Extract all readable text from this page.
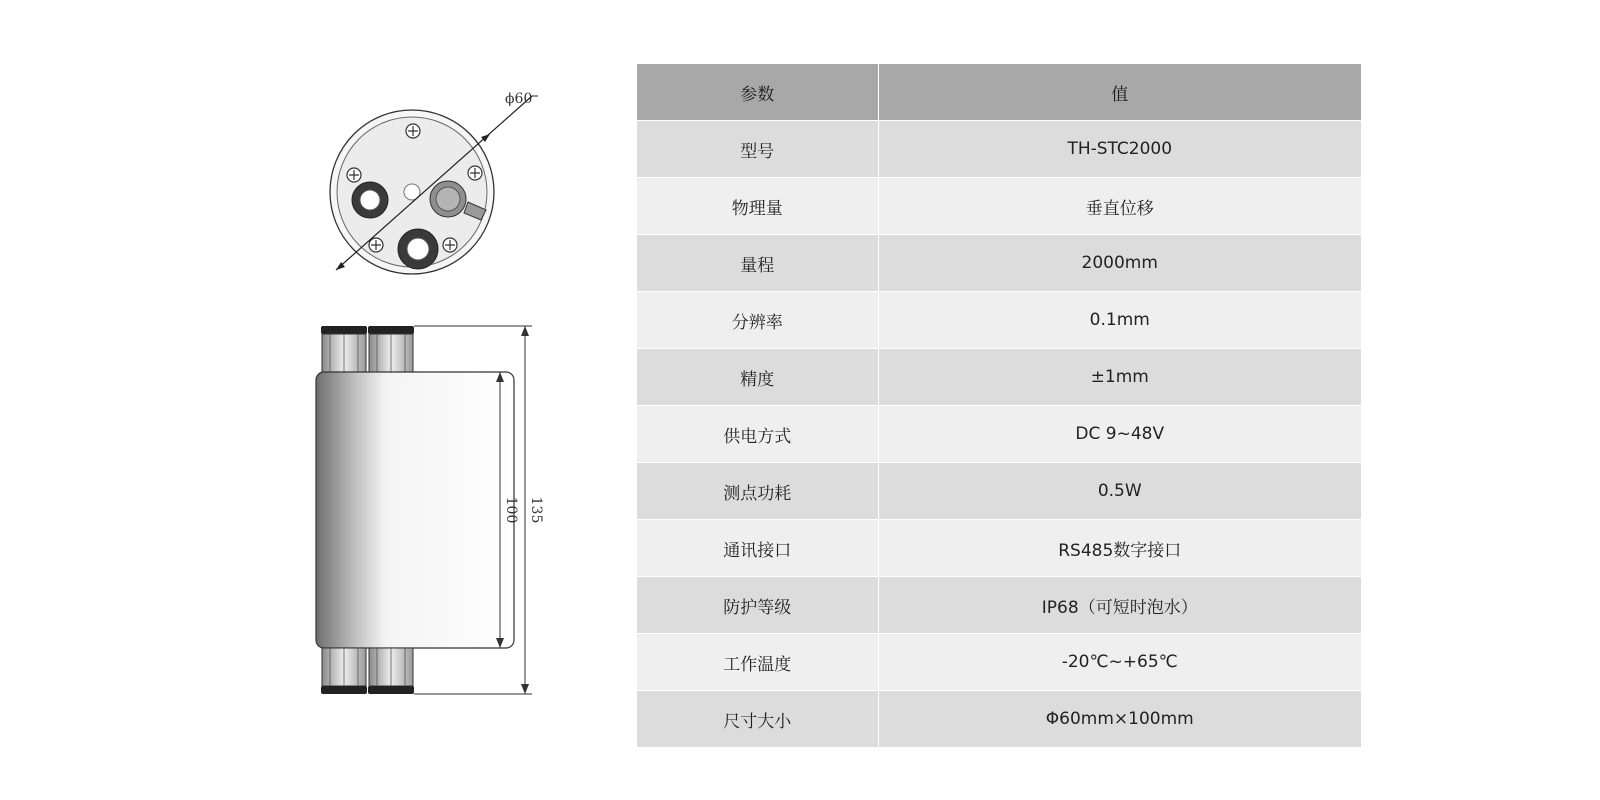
ϕ60
135
100
参数	值
型号	TH-STC2000
物理量	垂直位移
量程	2000mm
分辨率	0.1mm
精度	±1mm
供电方式	DC 9~48V
测点功耗	0.5W
通讯接口	RS485数字接口
防护等级	IP68（可短时泡水）
工作温度	-20℃~+65℃
尺寸大小	Φ60mm×100mm
